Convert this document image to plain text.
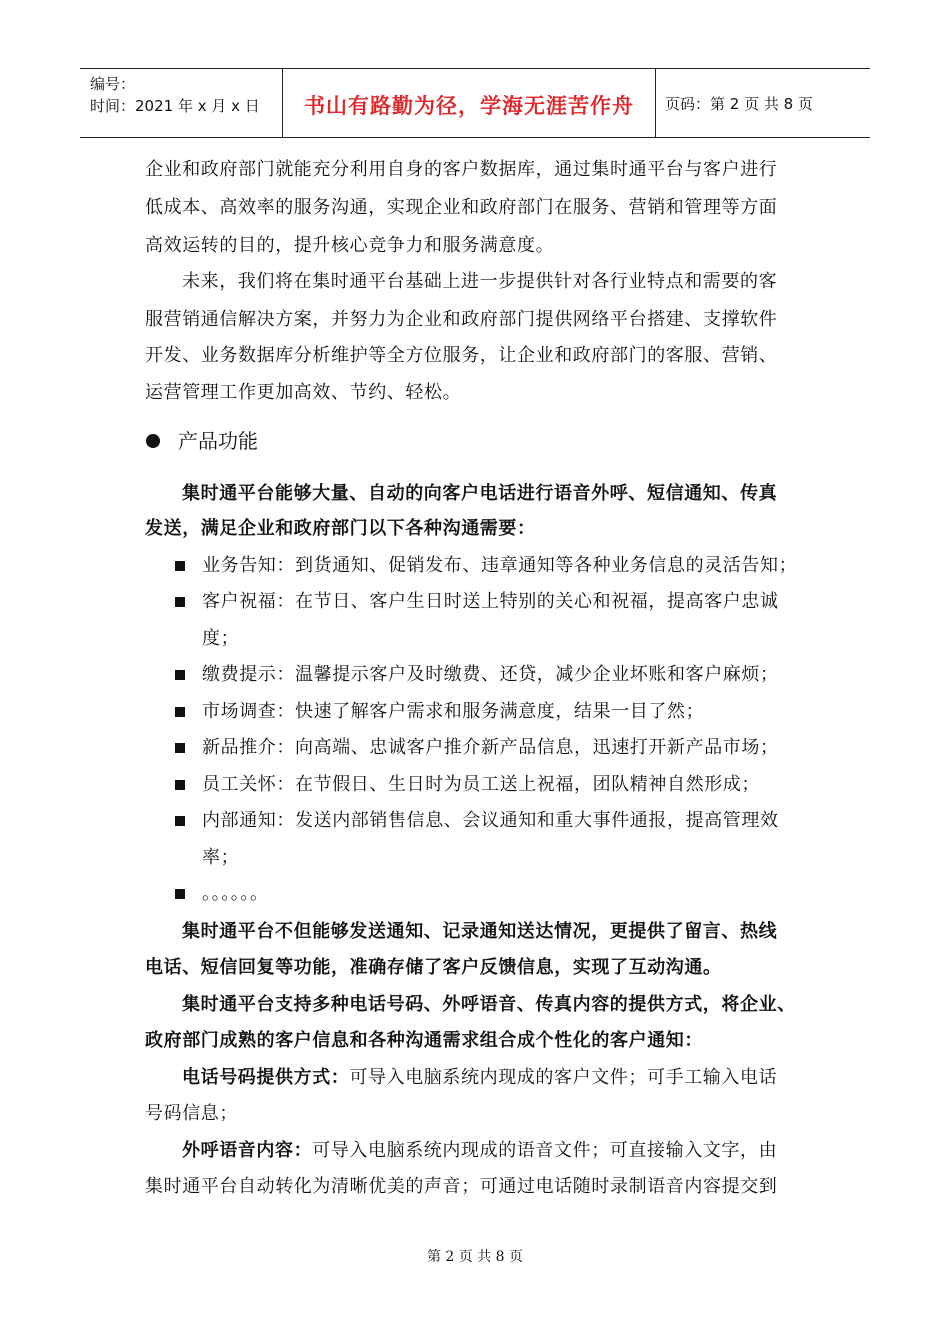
编号：
时间：2021 年 x 月 x 日	书山有路勤为径，学海无涯苦作舟	页码：第 2 页 共 8 页
企业和政府部门就能充分利用自身的客户数据库，通过集时通平台与客户进行
低成本、高效率的服务沟通，实现企业和政府部门在服务、营销和管理等方面
高效运转的目的，提升核心竞争力和服务满意度。
未来，我们将在集时通平台基础上进一步提供针对各行业特点和需要的客
服营销通信解决方案，并努力为企业和政府部门提供网络平台搭建、支撑软件
开发、业务数据库分析维护等全方位服务，让企业和政府部门的客服、营销、
运营管理工作更加高效、节约、轻松。
产品功能
集时通平台能够大量、自动的向客户电话进行语音外呼、短信通知、传真
发送，满足企业和政府部门以下各种沟通需要：
业务告知：到货通知、促销发布、违章通知等各种业务信息的灵活告知；
客户祝福：在节日、客户生日时送上特别的关心和祝福，提高客户忠诚
度；
缴费提示：温馨提示客户及时缴费、还贷，减少企业坏账和客户麻烦；
市场调查：快速了解客户需求和服务满意度，结果一目了然；
新品推介：向高端、忠诚客户推介新产品信息，迅速打开新产品市场；
员工关怀：在节假日、生日时为员工送上祝福，团队精神自然形成；
内部通知：发送内部销售信息、会议通知和重大事件通报，提高管理效
率；
。。。。。。
集时通平台不但能够发送通知、记录通知送达情况，更提供了留言、热线
电话、短信回复等功能，准确存储了客户反馈信息，实现了互动沟通。
集时通平台支持多种电话号码、外呼语音、传真内容的提供方式，将企业、
政府部门成熟的客户信息和各种沟通需求组合成个性化的客户通知：
电话号码提供方式：可导入电脑系统内现成的客户文件；可手工输入电话
号码信息；
外呼语音内容：可导入电脑系统内现成的语音文件；可直接输入文字，由
集时通平台自动转化为清晰优美的声音；可通过电话随时录制语音内容提交到
第 2 页 共 8 页
